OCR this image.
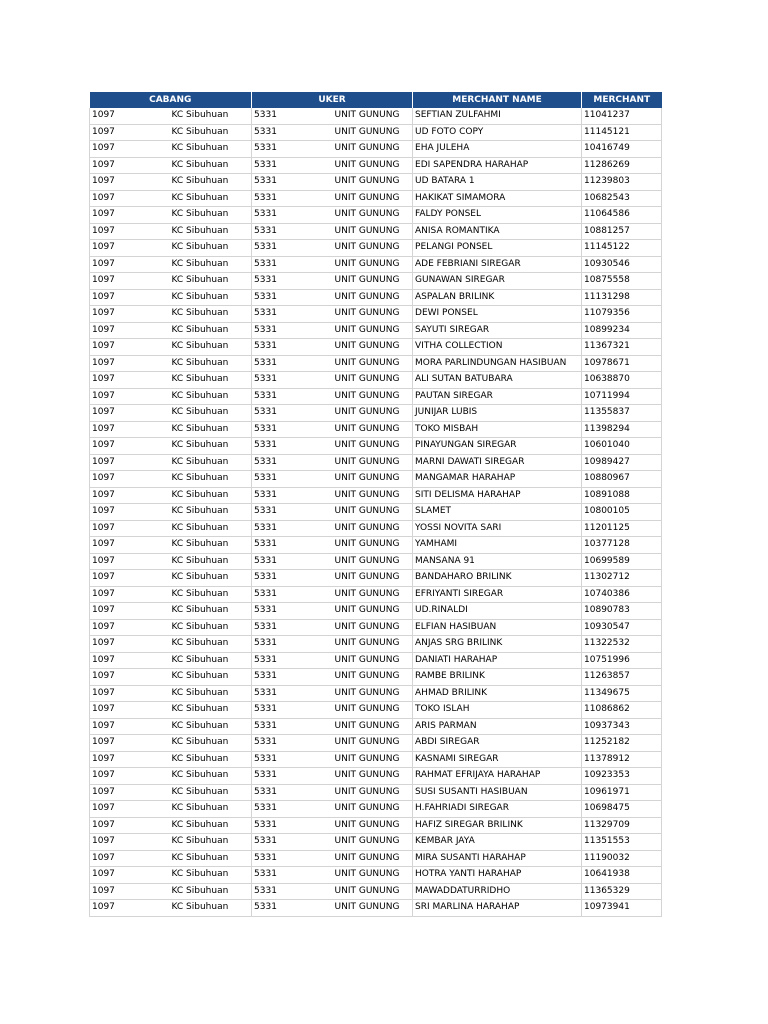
CABANG		UKER		MERCHANT NAME	MERCHANT
1097	KC Sibuhuan	5331	UNIT GUNUNG	SEFTIAN ZULFAHMI	11041237
1097	KC Sibuhuan	5331	UNIT GUNUNG	UD FOTO COPY	11145121
1097	KC Sibuhuan	5331	UNIT GUNUNG	EHA JULEHA	10416749
1097	KC Sibuhuan	5331	UNIT GUNUNG	EDI SAPENDRA HARAHAP	11286269
1097	KC Sibuhuan	5331	UNIT GUNUNG	UD BATARA 1	11239803
1097	KC Sibuhuan	5331	UNIT GUNUNG	HAKIKAT SIMAMORA	10682543
1097	KC Sibuhuan	5331	UNIT GUNUNG	FALDY PONSEL	11064586
1097	KC Sibuhuan	5331	UNIT GUNUNG	ANISA ROMANTIKA	10881257
1097	KC Sibuhuan	5331	UNIT GUNUNG	PELANGI PONSEL	11145122
1097	KC Sibuhuan	5331	UNIT GUNUNG	ADE FEBRIANI SIREGAR	10930546
1097	KC Sibuhuan	5331	UNIT GUNUNG	GUNAWAN SIREGAR	10875558
1097	KC Sibuhuan	5331	UNIT GUNUNG	ASPALAN BRILINK	11131298
1097	KC Sibuhuan	5331	UNIT GUNUNG	DEWI PONSEL	11079356
1097	KC Sibuhuan	5331	UNIT GUNUNG	SAYUTI SIREGAR	10899234
1097	KC Sibuhuan	5331	UNIT GUNUNG	VITHA COLLECTION	11367321
1097	KC Sibuhuan	5331	UNIT GUNUNG	MORA PARLINDUNGAN HASIBUAN	10978671
1097	KC Sibuhuan	5331	UNIT GUNUNG	ALI SUTAN BATUBARA	10638870
1097	KC Sibuhuan	5331	UNIT GUNUNG	PAUTAN SIREGAR	10711994
1097	KC Sibuhuan	5331	UNIT GUNUNG	JUNIJAR LUBIS	11355837
1097	KC Sibuhuan	5331	UNIT GUNUNG	TOKO MISBAH	11398294
1097	KC Sibuhuan	5331	UNIT GUNUNG	PINAYUNGAN SIREGAR	10601040
1097	KC Sibuhuan	5331	UNIT GUNUNG	MARNI DAWATI SIREGAR	10989427
1097	KC Sibuhuan	5331	UNIT GUNUNG	MANGAMAR HARAHAP	10880967
1097	KC Sibuhuan	5331	UNIT GUNUNG	SITI DELISMA HARAHAP	10891088
1097	KC Sibuhuan	5331	UNIT GUNUNG	SLAMET	10800105
1097	KC Sibuhuan	5331	UNIT GUNUNG	YOSSI NOVITA SARI	11201125
1097	KC Sibuhuan	5331	UNIT GUNUNG	YAMHAMI	10377128
1097	KC Sibuhuan	5331	UNIT GUNUNG	MANSANA 91	10699589
1097	KC Sibuhuan	5331	UNIT GUNUNG	BANDAHARO BRILINK	11302712
1097	KC Sibuhuan	5331	UNIT GUNUNG	EFRIYANTI SIREGAR	10740386
1097	KC Sibuhuan	5331	UNIT GUNUNG	UD.RINALDI	10890783
1097	KC Sibuhuan	5331	UNIT GUNUNG	ELFIAN HASIBUAN	10930547
1097	KC Sibuhuan	5331	UNIT GUNUNG	ANJAS SRG BRILINK	11322532
1097	KC Sibuhuan	5331	UNIT GUNUNG	DANIATI HARAHAP	10751996
1097	KC Sibuhuan	5331	UNIT GUNUNG	RAMBE BRILINK	11263857
1097	KC Sibuhuan	5331	UNIT GUNUNG	AHMAD BRILINK	11349675
1097	KC Sibuhuan	5331	UNIT GUNUNG	TOKO ISLAH	11086862
1097	KC Sibuhuan	5331	UNIT GUNUNG	ARIS PARMAN	10937343
1097	KC Sibuhuan	5331	UNIT GUNUNG	ABDI SIREGAR	11252182
1097	KC Sibuhuan	5331	UNIT GUNUNG	KASNAMI SIREGAR	11378912
1097	KC Sibuhuan	5331	UNIT GUNUNG	RAHMAT EFRIJAYA HARAHAP	10923353
1097	KC Sibuhuan	5331	UNIT GUNUNG	SUSI SUSANTI HASIBUAN	10961971
1097	KC Sibuhuan	5331	UNIT GUNUNG	H.FAHRIADI SIREGAR	10698475
1097	KC Sibuhuan	5331	UNIT GUNUNG	HAFIZ SIREGAR BRILINK	11329709
1097	KC Sibuhuan	5331	UNIT GUNUNG	KEMBAR JAYA	11351553
1097	KC Sibuhuan	5331	UNIT GUNUNG	MIRA SUSANTI HARAHAP	11190032
1097	KC Sibuhuan	5331	UNIT GUNUNG	HOTRA YANTI HARAHAP	10641938
1097	KC Sibuhuan	5331	UNIT GUNUNG	MAWADDATURRIDHO	11365329
1097	KC Sibuhuan	5331	UNIT GUNUNG	SRI MARLINA HARAHAP	10973941
